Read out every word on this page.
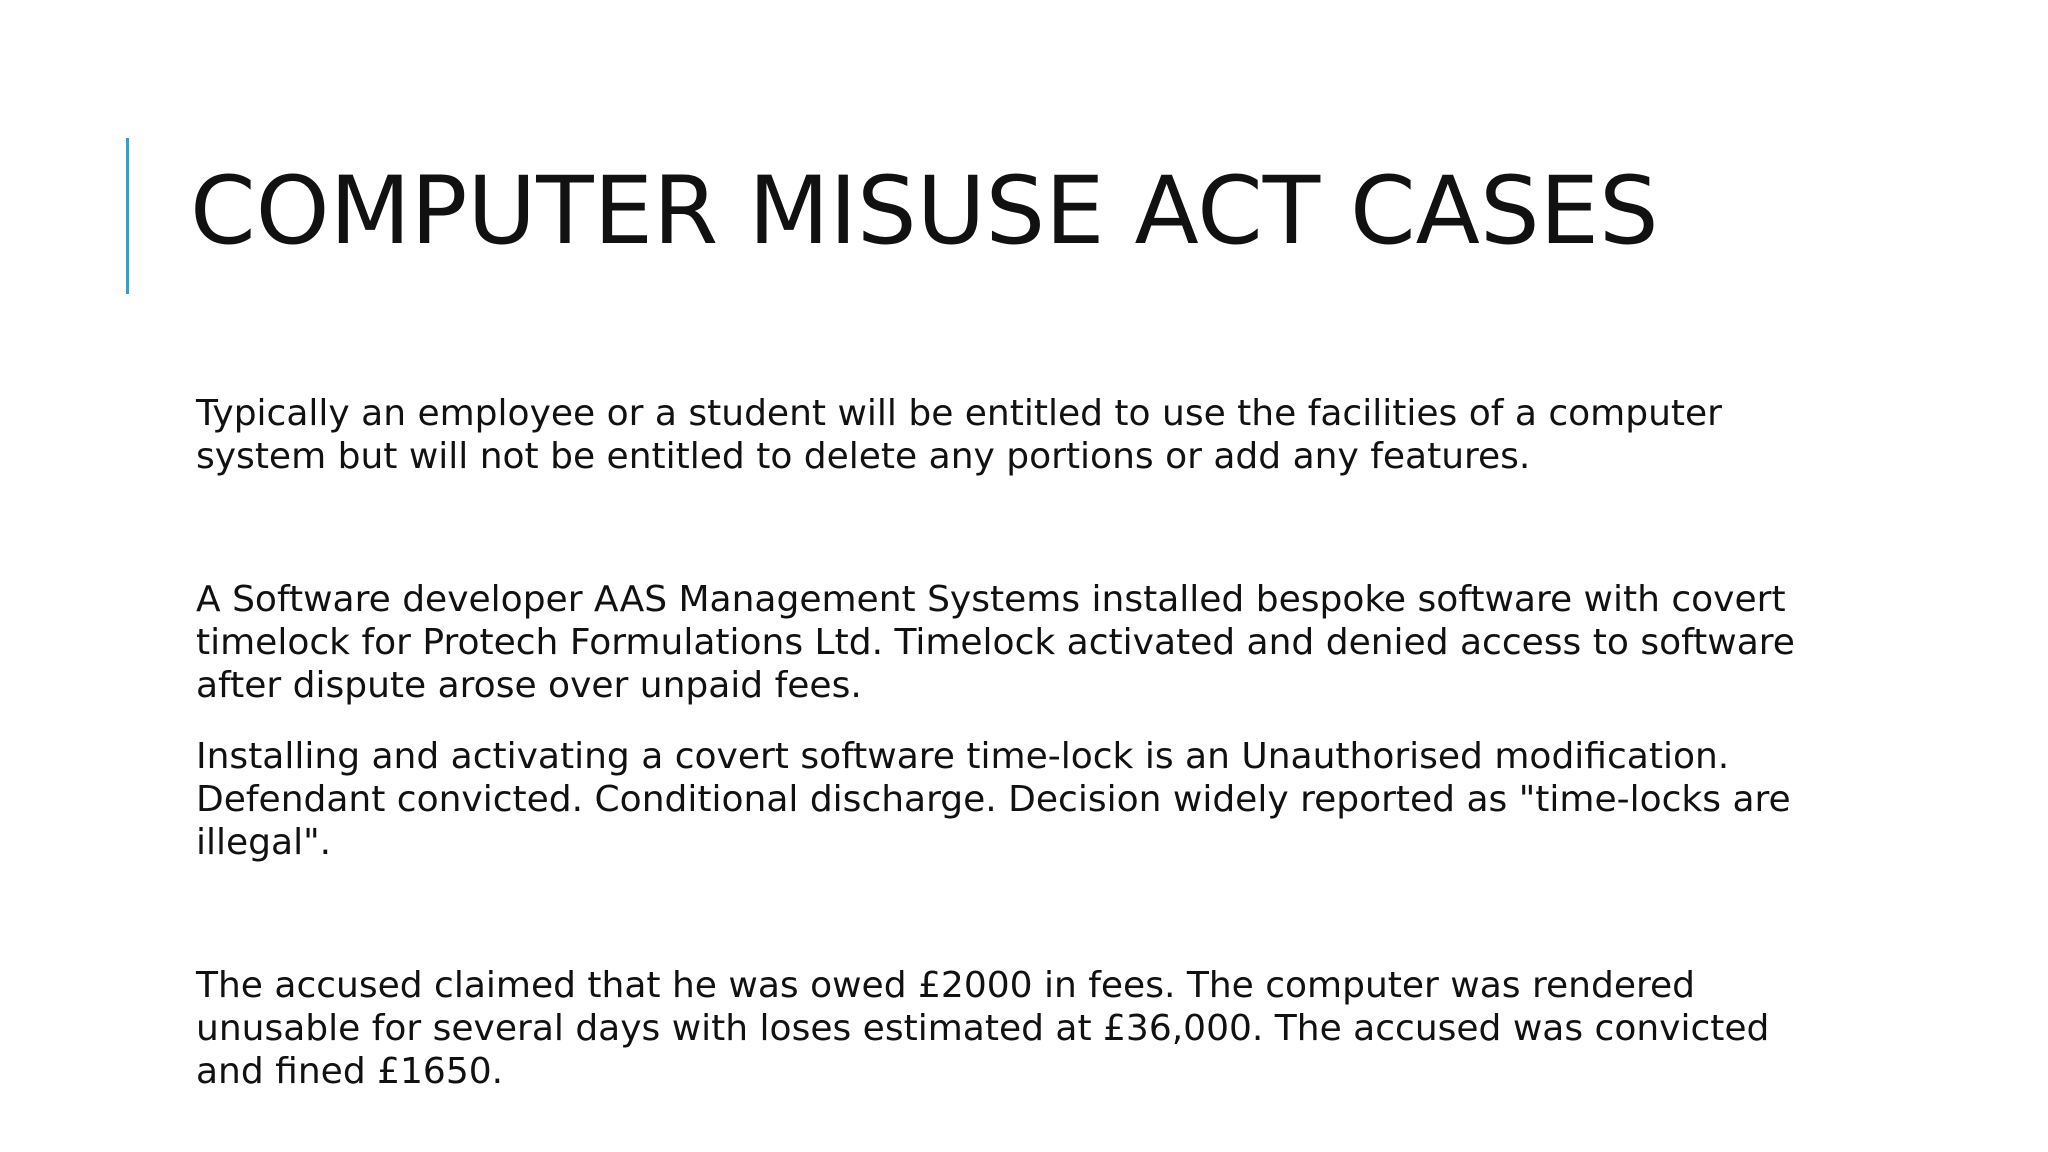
COMPUTER MISUSE ACT CASES

Typically an employee or a student will be entitled to use the facilities of a computer system but will not be entitled to delete any portions or add any features.

A Software developer AAS Management Systems installed bespoke software with covert timelock for Protech Formulations Ltd. Timelock activated and denied access to software after dispute arose over unpaid fees.

Installing and activating a covert software time-lock is an Unauthorised modification. Defendant convicted. Conditional discharge. Decision widely reported as "time-locks are illegal".

The accused claimed that he was owed £2000 in fees. The computer was rendered unusable for several days with loses estimated at £36,000. The accused was convicted and fined £1650.
